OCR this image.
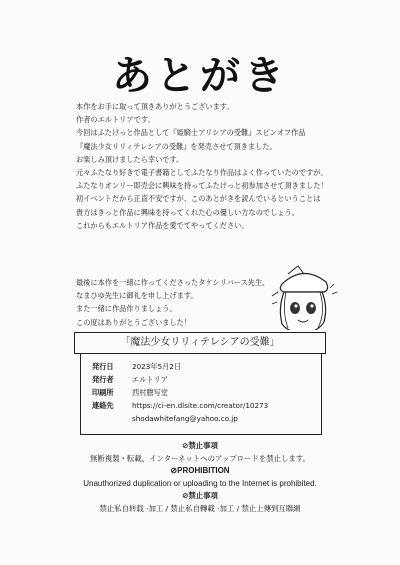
あとがき
本作をお手に取って頂きありがとうございます。
作者のエルトリアです。
今回はふたけっと作品として『姫騎士アリシアの受難』スピンオフ作品
『魔法少女リリィテレシアの受難』を発売させて頂きました。
お楽しみ頂けましたら幸いです。
元々ふたなり好きで電子書籍としてふたなり作品はよく作っていたのですが、
ふたなりオンリー即売会に興味を持ってふたけっと初参加させて頂きました！
初イベントだから正直不安ですが、このあとがきを読んでいるということは
貴方はきっと作品に興味を持ってくれた心の優しい方なのでしょう。
これからもエルトリア作品を愛でてやってください。
最後に本作を一緒に作ってくださったタケシリバース先生、
なまひゆ先生に御礼を申し上げます。
また一緒に作品作りましょう。
この度はありがとうございました！
「魔法少女リリィテレシアの受難」
発行日	2023年5月2日
発行者	エルトリア
印刷所	西村謄写堂
連絡先	https://ci-en.dlsite.com/creator/10273
shodawhitefang@yahoo.co.jp
⊘禁止事項
無断複製・転載、インターネットへのアップロードを禁止します。
⊘PROHIBITION
Unauthorized duplication or uploading to the Internet is prohibited.
⊘禁止事項
禁止私自转载 ·加工 / 禁止私自轉載 ·加工 / 禁止上傳到互聯網
